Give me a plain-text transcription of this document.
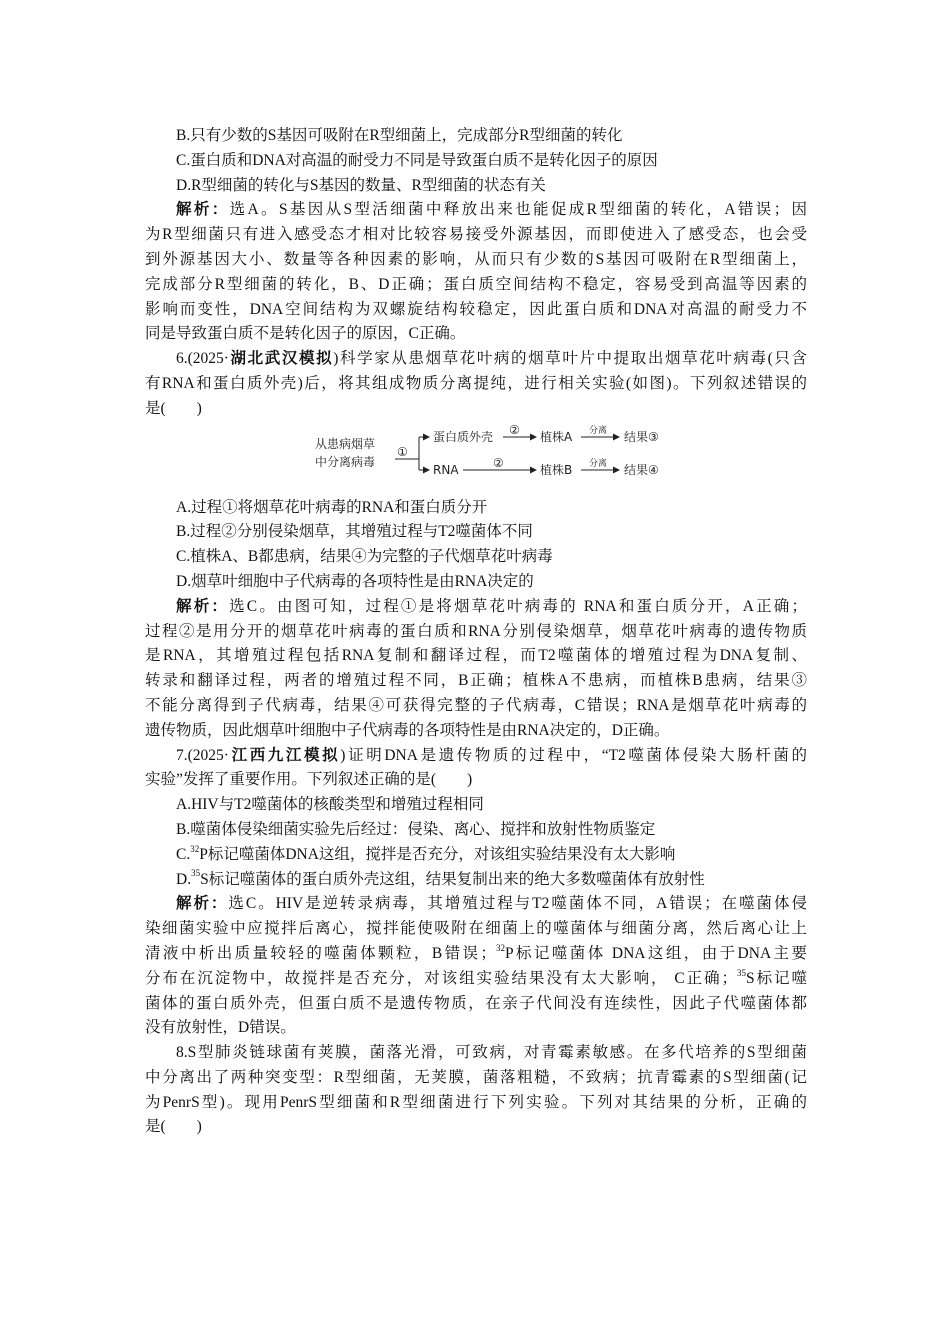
B.只有少数的S基因可吸附在R型细菌上，完成部分R型细菌的转化
C.蛋白质和DNA对高温的耐受力不同是导致蛋白质不是转化因子的原因
D.R型细菌的转化与S基因的数量、R型细菌的状态有关
解析：选A。S基因从S型活细菌中释放出来也能促成R型细菌的转化，A错误；因
为R型细菌只有进入感受态才相对比较容易接受外源基因，而即使进入了感受态，也会受
到外源基因大小、数量等各种因素的影响，从而只有少数的S基因可吸附在R型细菌上，
完成部分R型细菌的转化，B、D正确；蛋白质空间结构不稳定，容易受到高温等因素的
影响而变性，DNA空间结构为双螺旋结构较稳定，因此蛋白质和DNA对高温的耐受力不
同是导致蛋白质不是转化因子的原因，C正确。
6.(2025·湖北武汉模拟)科学家从患烟草花叶病的烟草叶片中提取出烟草花叶病毒(只含
有RNA和蛋白质外壳)后，将其组成物质分离提纯，进行相关实验(如图)。下列叙述错误的
是(　　)
从患病烟草
中分离病毒
①
蛋白质外壳
RNA
②
②
植株A
植株B
分离
分离
结果③
结果④
A.过程①将烟草花叶病毒的RNA和蛋白质分开
B.过程②分别侵染烟草，其增殖过程与T2噬菌体不同
C.植株A、B都患病，结果④为完整的子代烟草花叶病毒
D.烟草叶细胞中子代病毒的各项特性是由RNA决定的
解析：选C。由图可知，过程①是将烟草花叶病毒的 RNA和蛋白质分开，A正确；
过程②是用分开的烟草花叶病毒的蛋白质和RNA分别侵染烟草，烟草花叶病毒的遗传物质
是RNA，其增殖过程包括RNA复制和翻译过程，而T2噬菌体的增殖过程为DNA复制、
转录和翻译过程，两者的增殖过程不同，B正确；植株A不患病，而植株B患病，结果③
不能分离得到子代病毒，结果④可获得完整的子代病毒，C错误；RNA是烟草花叶病毒的
遗传物质，因此烟草叶细胞中子代病毒的各项特性是由RNA决定的，D正确。
7.(2025·江西九江模拟)证明DNA是遗传物质的过程中，“T2噬菌体侵染大肠杆菌的
实验”发挥了重要作用。下列叙述正确的是(　　)
A.HIV与T2噬菌体的核酸类型和增殖过程相同
B.噬菌体侵染细菌实验先后经过：侵染、离心、搅拌和放射性物质鉴定
C.$^{32}$P标记噬菌体DNA这组，搅拌是否充分，对该组实验结果没有太大影响
D.$^{35}$S标记噬菌体的蛋白质外壳这组，结果复制出来的绝大多数噬菌体有放射性
解析：选C。HIV是逆转录病毒，其增殖过程与T2噬菌体不同，A错误；在噬菌体侵
染细菌实验中应搅拌后离心，搅拌能使吸附在细菌上的噬菌体与细菌分离，然后离心让上
清液中析出质量较轻的噬菌体颗粒，B错误；$^{32}$P标记噬菌体 DNA这组，由于DNA主要
分布在沉淀物中，故搅拌是否充分，对该组实验结果没有太大影响， C正确；$^{35}$S标记噬
菌体的蛋白质外壳，但蛋白质不是遗传物质，在亲子代间没有连续性，因此子代噬菌体都
没有放射性，D错误。
8.S型肺炎链球菌有荚膜，菌落光滑，可致病，对青霉素敏感。在多代培养的S型细菌
中分离出了两种突变型：R型细菌，无荚膜，菌落粗糙，不致病；抗青霉素的S型细菌(记
为PenrS型)。现用PenrS型细菌和R型细菌进行下列实验。下列对其结果的分析，正确的
是(　　)
